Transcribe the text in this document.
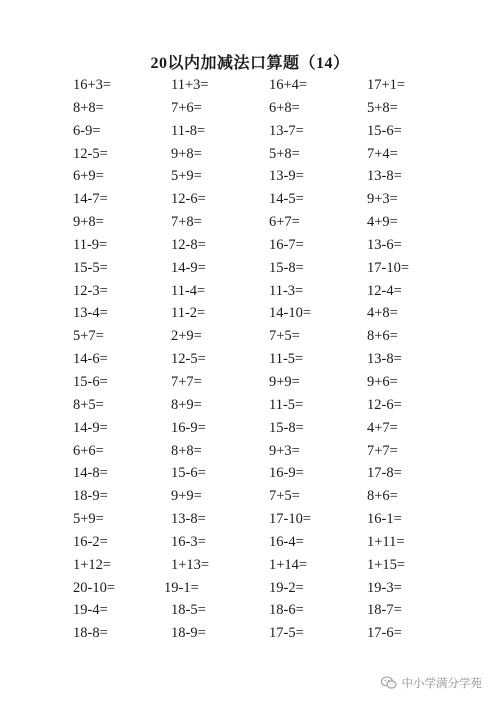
20以内加减法口算题（14）
16+3=	11+3=	16+4=	17+1=
8+8=	7+6=	6+8=	5+8=
6-9=	11-8=	13-7=	15-6=
12-5=	9+8=	5+8=	7+4=
6+9=	5+9=	13-9=	13-8=
14-7=	12-6=	14-5=	9+3=
9+8=	7+8=	6+7=	4+9=
11-9=	12-8=	16-7=	13-6=
15-5=	14-9=	15-8=	17-10=
12-3=	11-4=	11-3=	12-4=
13-4=	11-2=	14-10=	4+8=
5+7=	2+9=	7+5=	8+6=
14-6=	12-5=	11-5=	13-8=
15-6=	7+7=	9+9=	9+6=
8+5=	8+9=	11-5=	12-6=
14-9=	16-9=	15-8=	4+7=
6+6=	8+8=	9+3=	7+7=
14-8=	15-6=	16-9=	17-8=
18-9=	9+9=	7+5=	8+6=
5+9=	13-8=	17-10=	16-1=
16-2=	16-3=	16-4=	1+11=
1+12=	1+13=	1+14=	1+15=
20-10=	19-1=	19-2=	19-3=
19-4=	18-5=	18-6=	18-7=
18-8=	18-9=	17-5=	17-6=
中小学满分学苑
